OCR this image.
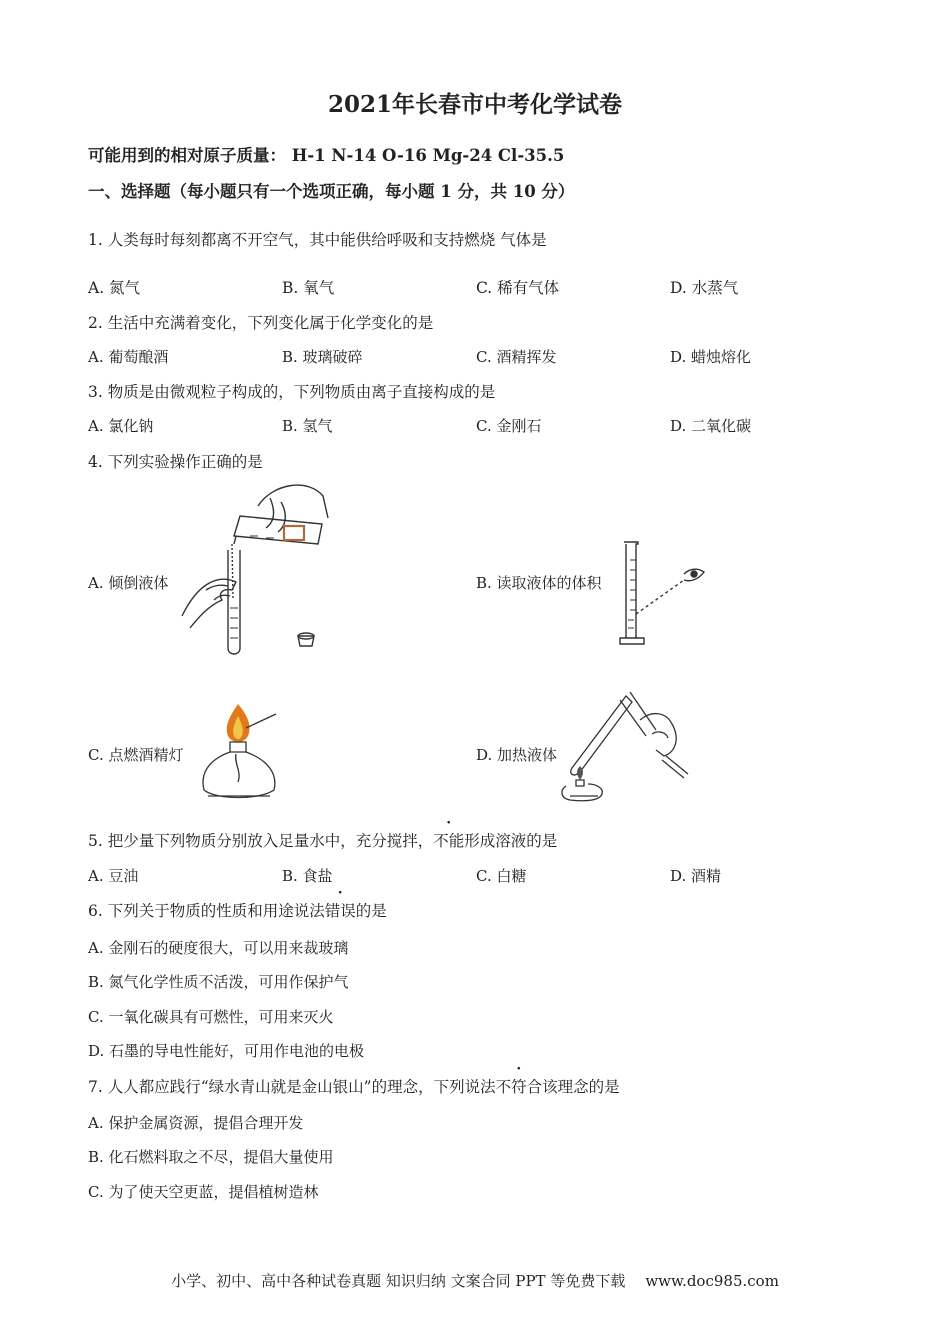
2021年长春市中考化学试卷
可能用到的相对原子质量： H-1 N-14 O-16 Mg-24 Cl-35.5
一、选择题（每小题只有一个选项正确，每小题 1 分，共 10 分）
1. 人类每时每刻都离不开空气，其中能供给呼吸和支持燃烧 气体是
A. 氮气	B. 氧气	C. 稀有气体	D. 水蒸气
2. 生活中充满着变化，下列变化属于化学变化的是
A. 葡萄酿酒	B. 玻璃破碎	C. 酒精挥发	D. 蜡烛熔化
3. 物质是由微观粒子构成的，下列物质由离子直接构成的是
A. 氯化钠	B. 氢气	C. 金刚石	D. 二氧化碳
4. 下列实验操作正确的是
A. 倾倒液体	B. 读取液体的体积
C. 点燃酒精灯	D. 加热液体
5. 把少量下列物质分别放入足量水中，充分搅拌，不能形成溶液的是
A. 豆油	B. 食盐	C. 白糖	D. 酒精
6. 下列关于物质的性质和用途说法错误的是
A. 金刚石的硬度很大，可以用来裁玻璃
B. 氮气化学性质不活泼，可用作保护气
C. 一氧化碳具有可燃性，可用来灭火
D. 石墨的导电性能好，可用作电池的电极
7. 人人都应践行“绿水青山就是金山银山”的理念，下列说法不符合该理念的是
A. 保护金属资源，提倡合理开发
B. 化石燃料取之不尽，提倡大量使用
C. 为了使天空更蓝，提倡植树造林
小学、初中、高中各种试卷真题 知识归纳 文案合同 PPT 等免费下载 www.doc985.com
